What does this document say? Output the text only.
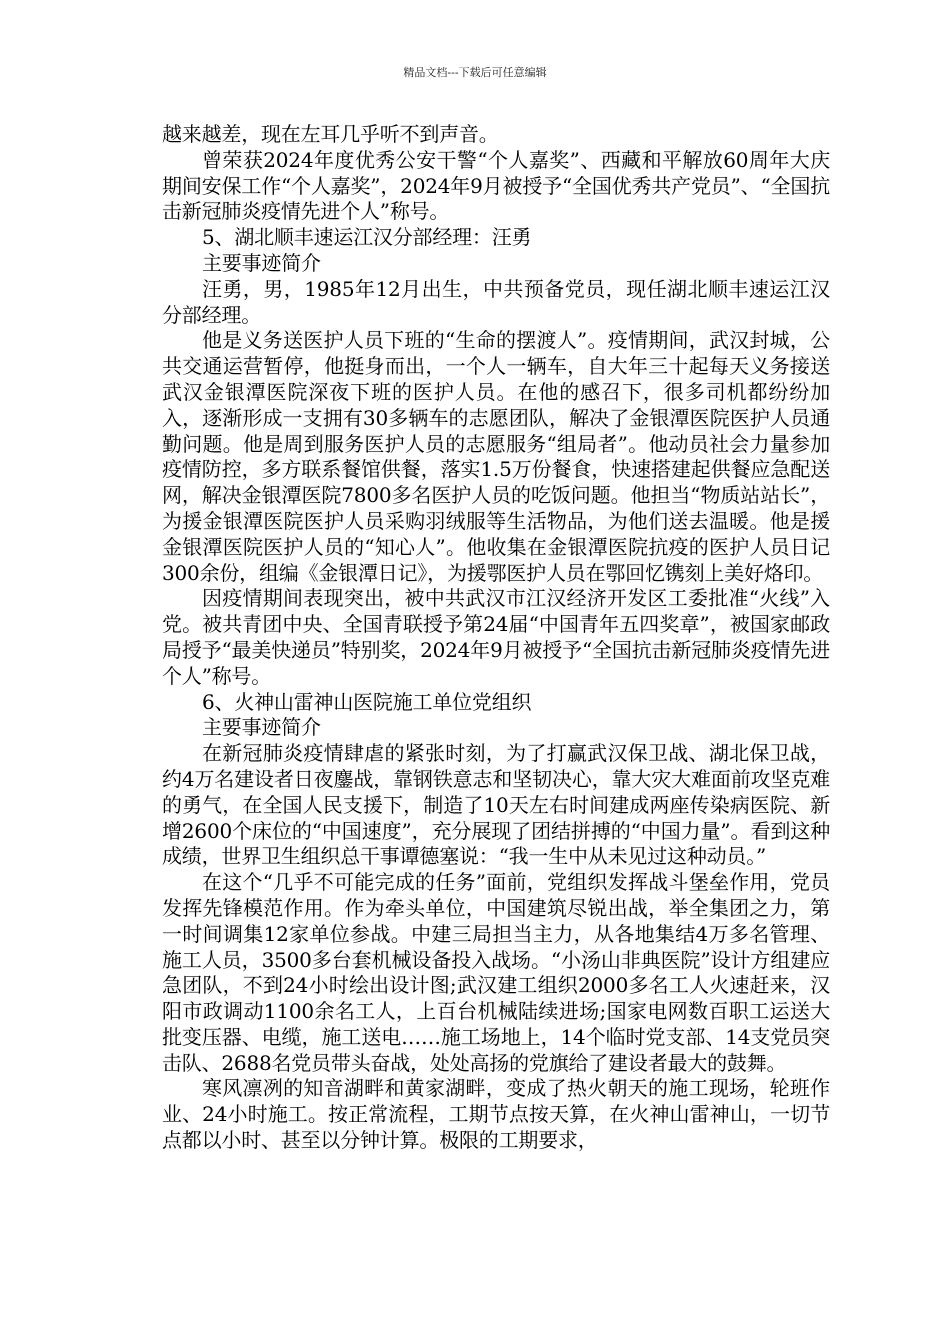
精品文档---下载后可任意编辑

越来越差，现在左耳几乎听不到声音。

曾荣获2024年度优秀公安干警“个人嘉奖”、西藏和平解放60周年大庆期间安保工作“个人嘉奖”，2024年9月被授予“全国优秀共产党员”、“全国抗击新冠肺炎疫情先进个人”称号。

5、湖北顺丰速运江汉分部经理：汪勇

主要事迹简介

汪勇，男，1985年12月出生，中共预备党员，现任湖北顺丰速运江汉分部经理。

他是义务送医护人员下班的“生命的摆渡人”。疫情期间，武汉封城，公共交通运营暂停，他挺身而出，一个人一辆车，自大年三十起每天义务接送武汉金银潭医院深夜下班的医护人员。在他的感召下，很多司机都纷纷加入，逐渐形成一支拥有30多辆车的志愿团队，解决了金银潭医院医护人员通勤问题。他是周到服务医护人员的志愿服务“组局者”。他动员社会力量参加疫情防控，多方联系餐馆供餐，落实1.5万份餐食，快速搭建起供餐应急配送网，解决金银潭医院7800多名医护人员的吃饭问题。他担当“物质站站长”，为援金银潭医院医护人员采购羽绒服等生活物品，为他们送去温暖。他是援金银潭医院医护人员的“知心人”。他收集在金银潭医院抗疫的医护人员日记300余份，组编《金银潭日记》，为援鄂医护人员在鄂回忆镌刻上美好烙印。

因疫情期间表现突出，被中共武汉市江汉经济开发区工委批准“火线”入党。被共青团中央、全国青联授予第24届“中国青年五四奖章”，被国家邮政局授予“最美快递员”特别奖，2024年9月被授予“全国抗击新冠肺炎疫情先进个人”称号。

6、火神山雷神山医院施工单位党组织

主要事迹简介

在新冠肺炎疫情肆虐的紧张时刻，为了打赢武汉保卫战、湖北保卫战，约4万名建设者日夜鏖战，靠钢铁意志和坚韧决心，靠大灾大难面前攻坚克难的勇气，在全国人民支援下，制造了10天左右时间建成两座传染病医院、新增2600个床位的“中国速度”，充分展现了团结拼搏的“中国力量”。看到这种成绩，世界卫生组织总干事谭德塞说：“我一生中从未见过这种动员。”

在这个“几乎不可能完成的任务”面前，党组织发挥战斗堡垒作用，党员发挥先锋模范作用。作为牵头单位，中国建筑尽锐出战，举全集团之力，第一时间调集12家单位参战。中建三局担当主力，从各地集结4万多名管理、施工人员，3500多台套机械设备投入战场。“小汤山非典医院”设计方组建应急团队，不到24小时绘出设计图;武汉建工组织2000多名工人火速赶来，汉阳市政调动1100余名工人，上百台机械陆续进场;国家电网数百职工运送大批变压器、电缆，施工送电……施工场地上，14个临时党支部、14支党员突击队、2688名党员带头奋战，处处高扬的党旗给了建设者最大的鼓舞。

寒风凛冽的知音湖畔和黄家湖畔，变成了热火朝天的施工现场，轮班作业、24小时施工。按正常流程，工期节点按天算，在火神山雷神山，一切节点都以小时、甚至以分钟计算。极限的工期要求，
